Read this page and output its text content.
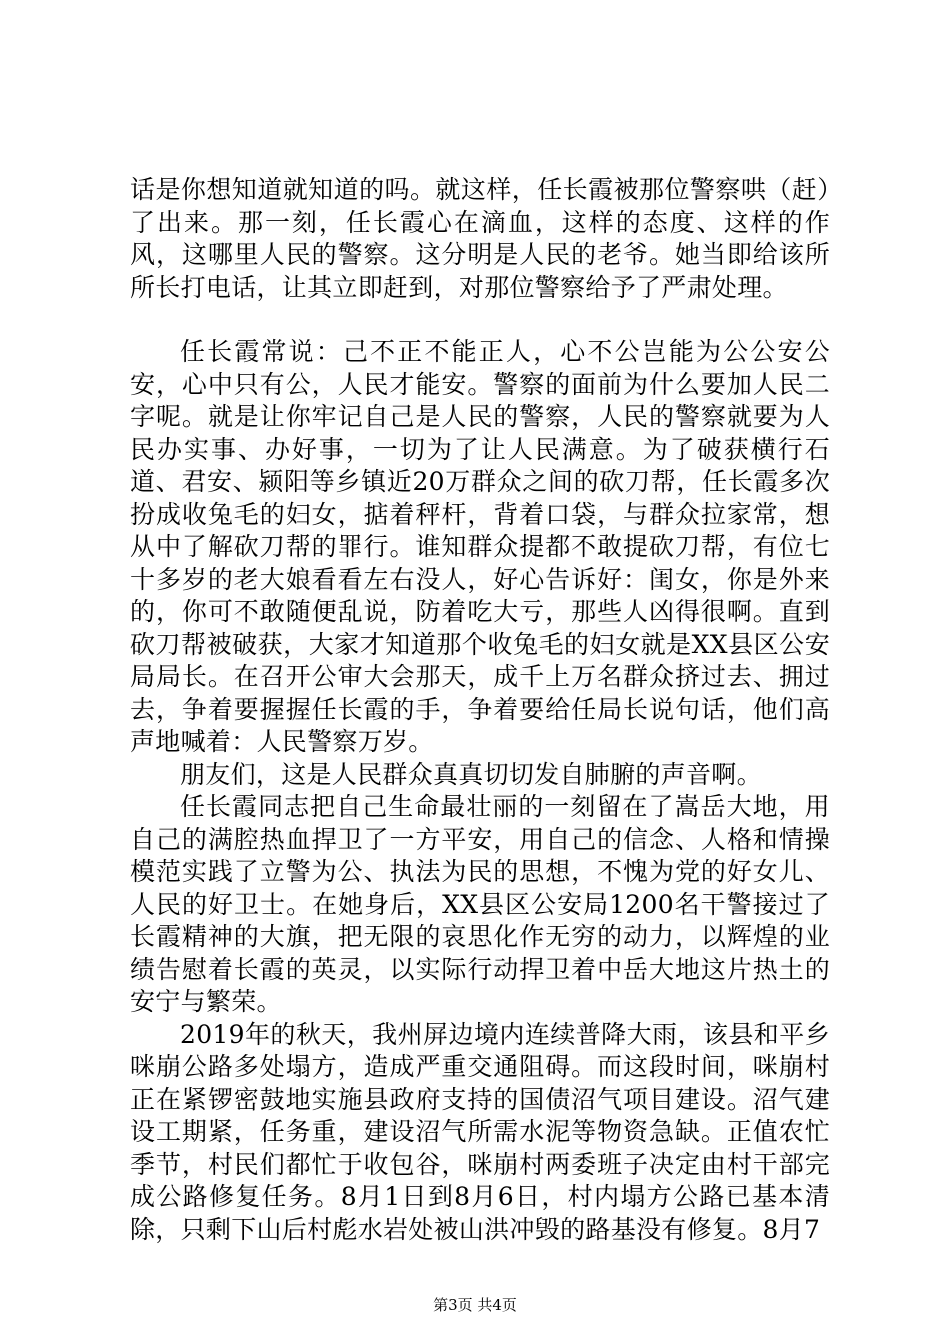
话是你想知道就知道的吗。就这样，任长霞被那位警察哄（赶）了出来。那一刻，任长霞心在滴血，这样的态度、这样的作风，这哪里人民的警察。这分明是人民的老爷。她当即给该所所长打电话，让其立即赶到，对那位警察给予了严肃处理。

任长霞常说：己不正不能正人，心不公岂能为公公安公安，心中只有公，人民才能安。警察的面前为什么要加人民二字呢。就是让你牢记自己是人民的警察，人民的警察就要为人民办实事、办好事，一切为了让人民满意。为了破获横行石道、君安、颍阳等乡镇近20万群众之间的砍刀帮，任长霞多次扮成收兔毛的妇女，掂着秤杆，背着口袋，与群众拉家常，想从中了解砍刀帮的罪行。谁知群众提都不敢提砍刀帮，有位七十多岁的老大娘看看左右没人，好心告诉好：闺女，你是外来的，你可不敢随便乱说，防着吃大亏，那些人凶得很啊。直到砍刀帮被破获，大家才知道那个收兔毛的妇女就是XX县区公安局局长。在召开公审大会那天，成千上万名群众挤过去、拥过去，争着要握握任长霞的手，争着要给任局长说句话，他们高声地喊着：人民警察万岁。

朋友们，这是人民群众真真切切发自肺腑的声音啊。

任长霞同志把自己生命最壮丽的一刻留在了嵩岳大地，用自己的满腔热血捍卫了一方平安，用自己的信念、人格和情操模范实践了立警为公、执法为民的思想，不愧为党的好女儿、人民的好卫士。在她身后，XX县区公安局1200名干警接过了长霞精神的大旗，把无限的哀思化作无穷的动力，以辉煌的业绩告慰着长霞的英灵，以实际行动捍卫着中岳大地这片热土的安宁与繁荣。

2019年的秋天，我州屏边境内连续普降大雨，该县和平乡咪崩公路多处塌方，造成严重交通阻碍。而这段时间，咪崩村正在紧锣密鼓地实施县政府支持的国债沼气项目建设。沼气建设工期紧，任务重，建设沼气所需水泥等物资急缺。正值农忙季节，村民们都忙于收包谷，咪崩村两委班子决定由村干部完成公路修复任务。8月1日到8月6日，村内塌方公路已基本清除，只剩下山后村彪水岩处被山洪冲毁的路基没有修复。8月7

第3页 共4页
